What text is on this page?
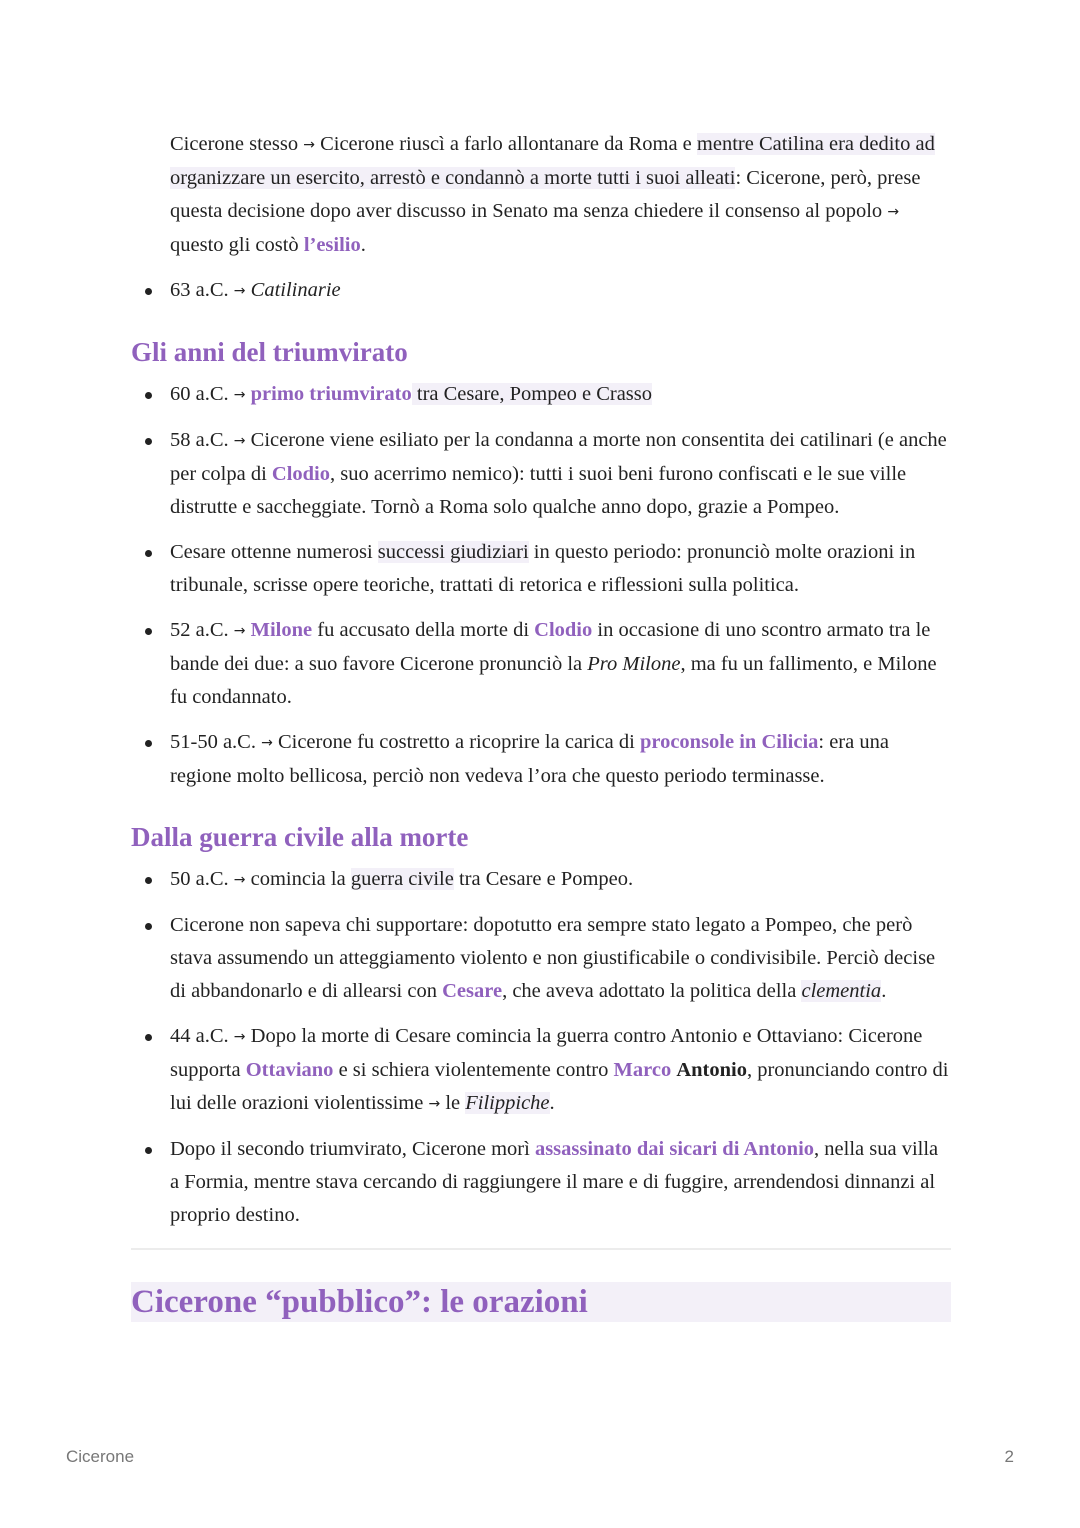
Cicerone stesso → Cicerone riuscì a farlo allontanare da Roma e mentre Catilina era dedito ad organizzare un esercito, arrestò e condannò a morte tutti i suoi alleati: Cicerone, però, prese questa decisione dopo aver discusso in Senato ma senza chiedere il consenso al popolo → questo gli costò l’esilio.

63 a.C. → Catilinarie
Gli anni del triumvirato
60 a.C. → primo triumvirato tra Cesare, Pompeo e Crasso
58 a.C. → Cicerone viene esiliato per la condanna a morte non consentita dei catilinari (e anche per colpa di Clodio, suo acerrimo nemico): tutti i suoi beni furono confiscati e le sue ville distrutte e saccheggiate. Tornò a Roma solo qualche anno dopo, grazie a Pompeo.
Cesare ottenne numerosi successi giudiziari in questo periodo: pronunciò molte orazioni in tribunale, scrisse opere teoriche, trattati di retorica e riflessioni sulla politica.
52 a.C. → Milone fu accusato della morte di Clodio in occasione di uno scontro armato tra le bande dei due: a suo favore Cicerone pronunciò la Pro Milone, ma fu un fallimento, e Milone fu condannato.
51-50 a.C. → Cicerone fu costretto a ricoprire la carica di proconsole in Cilicia: era una regione molto bellicosa, perciò non vedeva l’ora che questo periodo terminasse.
Dalla guerra civile alla morte
50 a.C. → comincia la guerra civile tra Cesare e Pompeo.
Cicerone non sapeva chi supportare: dopotutto era sempre stato legato a Pompeo, che però stava assumendo un atteggiamento violento e non giustificabile o condivisibile. Perciò decise di abbandonarlo e di allearsi con Cesare, che aveva adottato la politica della clementia.
44 a.C. → Dopo la morte di Cesare comincia la guerra contro Antonio e Ottaviano: Cicerone supporta Ottaviano e si schiera violentemente contro Marco Antonio, pronunciando contro di lui delle orazioni violentissime → le Filippiche.
Dopo il secondo triumvirato, Cicerone morì assassinato dai sicari di Antonio, nella sua villa a Formia, mentre stava cercando di raggiungere il mare e di fuggire, arrendendosi dinnanzi al proprio destino.
Cicerone “pubblico”: le orazioni
Cicerone	2
